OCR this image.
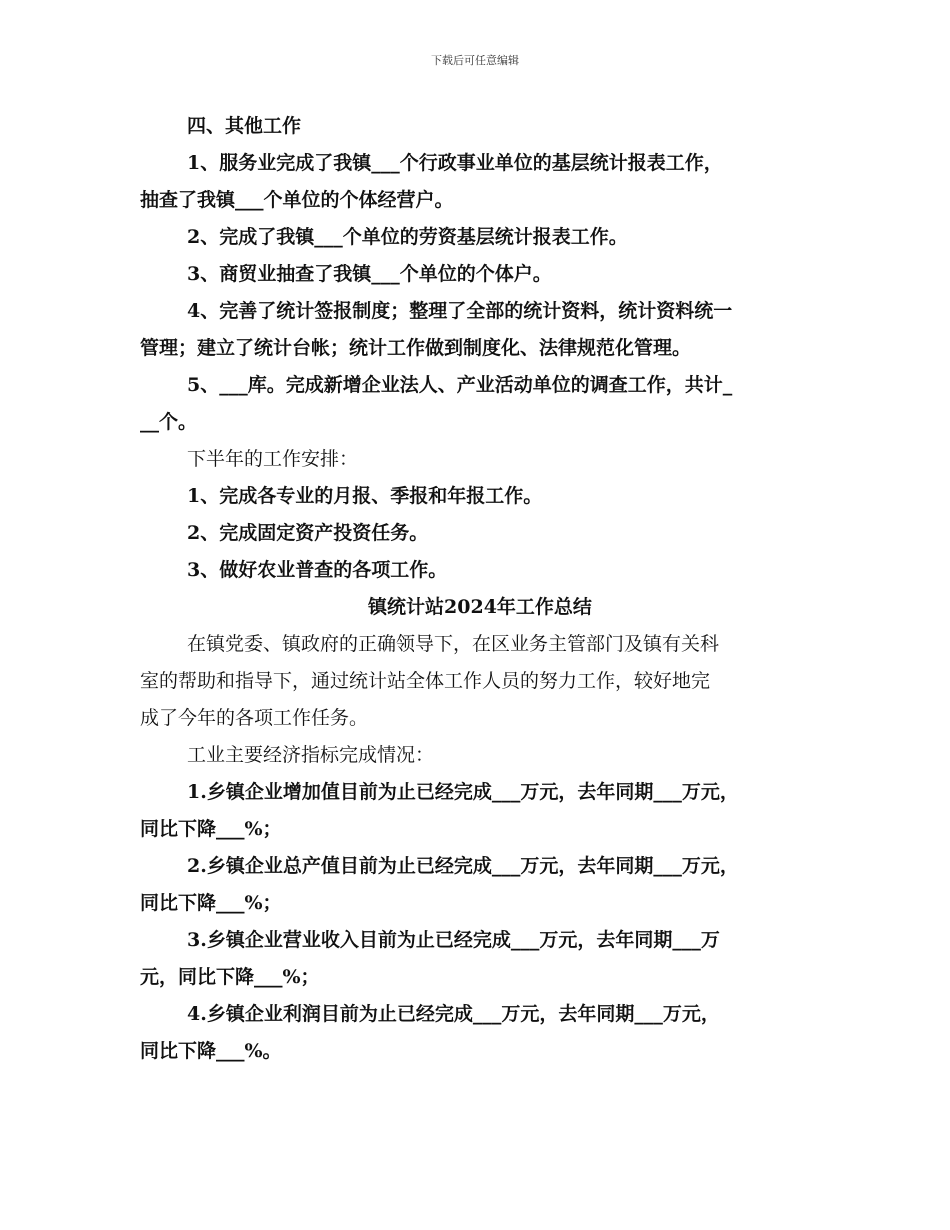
下载后可任意编辑
四、其他工作
1、服务业完成了我镇___个行政事业单位的基层统计报表工作，
抽查了我镇___个单位的个体经营户。
2、完成了我镇___个单位的劳资基层统计报表工作。
3、商贸业抽查了我镇___个单位的个体户。
4、完善了统计签报制度；整理了全部的统计资料，统计资料统一
管理；建立了统计台帐；统计工作做到制度化、法律规范化管理。
5、___库。完成新增企业法人、产业活动单位的调查工作，共计_
__个。
下半年的工作安排：
1、完成各专业的月报、季报和年报工作。
2、完成固定资产投资任务。
3、做好农业普查的各项工作。
镇统计站2024年工作总结
在镇党委、镇政府的正确领导下，在区业务主管部门及镇有关科
室的帮助和指导下，通过统计站全体工作人员的努力工作，较好地完
成了今年的各项工作任务。
工业主要经济指标完成情况：
1.乡镇企业增加值目前为止已经完成___万元，去年同期___万元，
同比下降___%；
2.乡镇企业总产值目前为止已经完成___万元，去年同期___万元，
同比下降___%；
3.乡镇企业营业收入目前为止已经完成___万元，去年同期___万
元，同比下降___%；
4.乡镇企业利润目前为止已经完成___万元，去年同期___万元，
同比下降___%。
